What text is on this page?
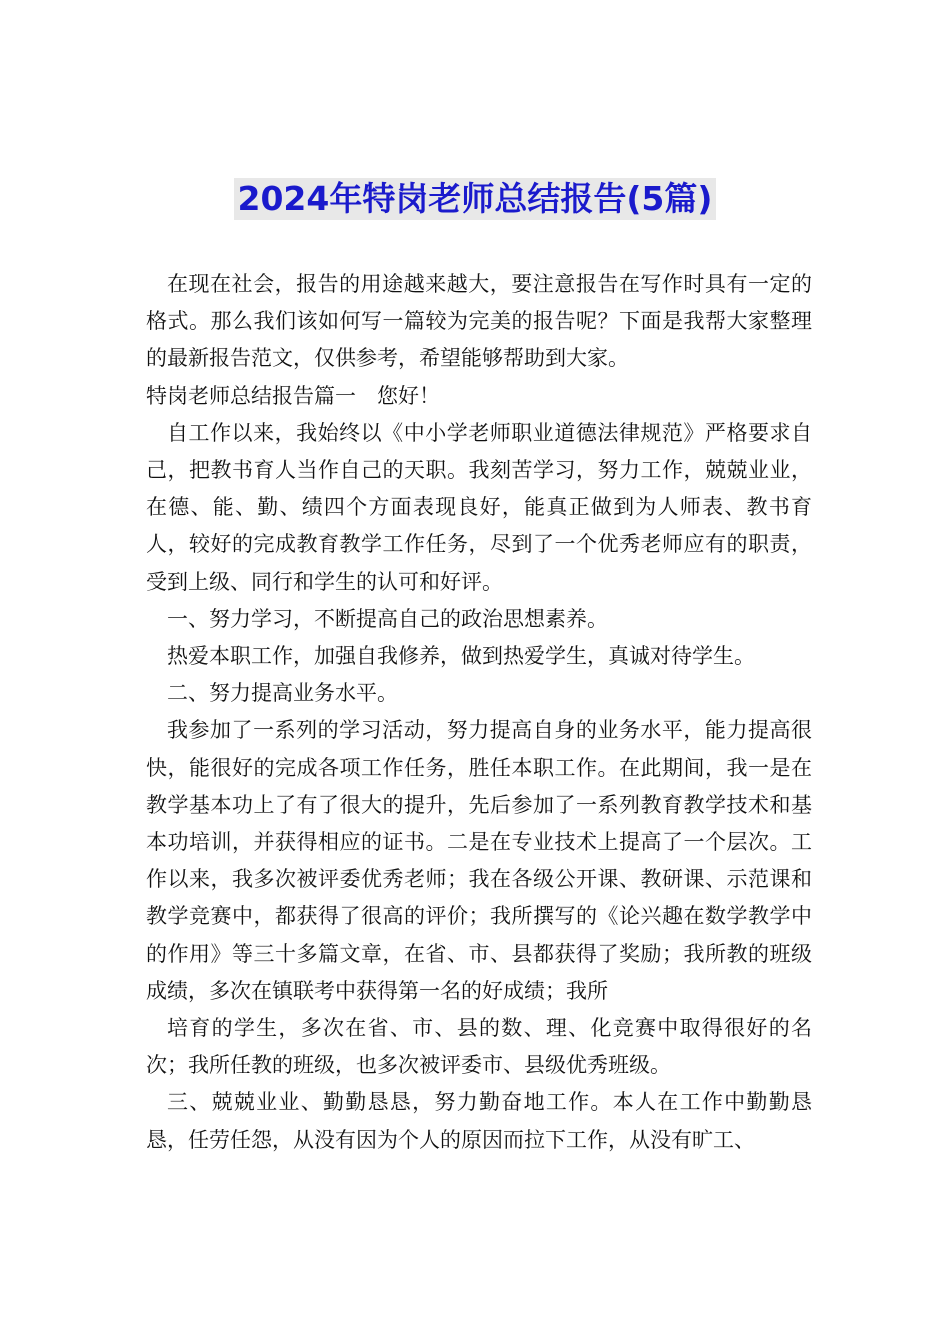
2024年特岗老师总结报告(5篇)

在现在社会，报告的用途越来越大，要注意报告在写作时具有一定的格式。那么我们该如何写一篇较为完美的报告呢？下面是我帮大家整理的最新报告范文，仅供参考，希望能够帮助到大家。

特岗老师总结报告篇一　您好！

自工作以来，我始终以《中小学老师职业道德法律规范》严格要求自己，把教书育人当作自己的天职。我刻苦学习，努力工作，兢兢业业，在德、能、勤、绩四个方面表现良好，能真正做到为人师表、教书育人，较好的完成教育教学工作任务，尽到了一个优秀老师应有的职责，受到上级、同行和学生的认可和好评。

一、努力学习，不断提高自己的政治思想素养。

热爱本职工作，加强自我修养，做到热爱学生，真诚对待学生。

二、努力提高业务水平。

我参加了一系列的学习活动，努力提高自身的业务水平，能力提高很快，能很好的完成各项工作任务，胜任本职工作。在此期间，我一是在教学基本功上了有了很大的提升，先后参加了一系列教育教学技术和基本功培训，并获得相应的证书。二是在专业技术上提高了一个层次。工作以来，我多次被评委优秀老师；我在各级公开课、教研课、示范课和教学竞赛中，都获得了很高的评价；我所撰写的《论兴趣在数学教学中的作用》等三十多篇文章，在省、市、县都获得了奖励；我所教的班级成绩，多次在镇联考中获得第一名的好成绩；我所

培育的学生，多次在省、市、县的数、理、化竞赛中取得很好的名次；我所任教的班级，也多次被评委市、县级优秀班级。

三、兢兢业业、勤勤恳恳，努力勤奋地工作。本人在工作中勤勤恳恳，任劳任怨，从没有因为个人的原因而拉下工作，从没有旷工、
